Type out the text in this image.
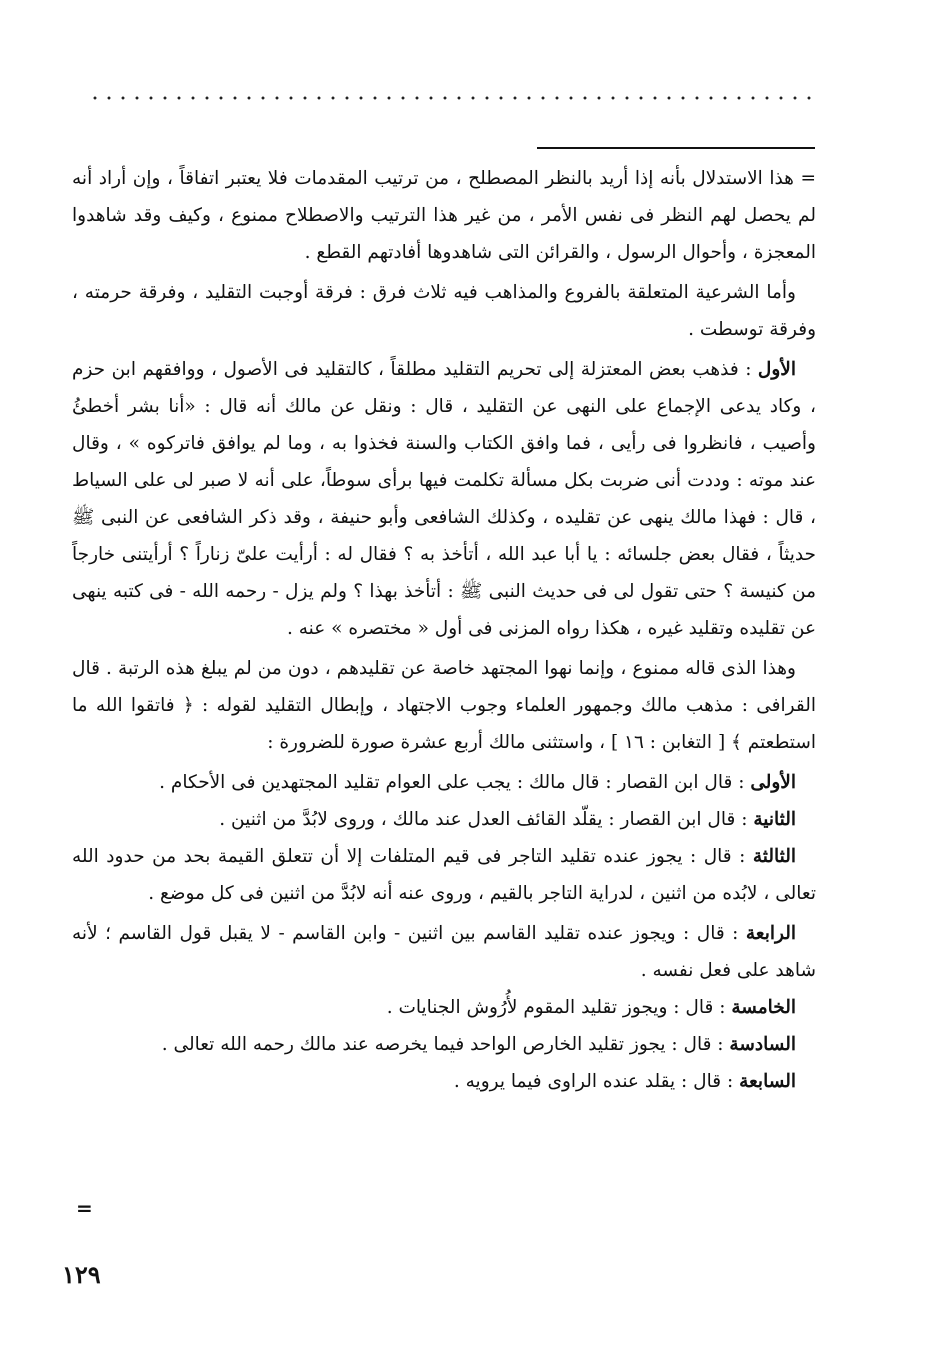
= هذا الاستدلال بأنه إذا أريد بالنظر المصطلح ، من ترتيب المقدمات فلا يعتبر اتفاقاً ، وإن أراد أنه لم يحصل لهم النظر فى نفس الأمر ، من غير هذا الترتيب والاصطلاح ممنوع ، وكيف وقد شاهدوا المعجزة ، وأحوال الرسول ، والقرائن التى شاهدوها أفادتهم القطع .

وأما الشرعية المتعلقة بالفروع والمذاهب فيه ثلاث فرق : فرقة أوجبت التقليد ، وفرقة حرمته ، وفرقة توسطت .

الأول : فذهب بعض المعتزلة إلى تحريم التقليد مطلقاً ، كالتقليد فى الأصول ، ووافقهم ابن حزم ، وكاد يدعى الإجماع على النهى عن التقليد ، قال : ونقل عن مالك أنه قال : «أنا بشر أخطئُ وأصيب ، فانظروا فى رأيى ، فما وافق الكتاب والسنة فخذوا به ، وما لم يوافق فاتركوه » ، وقال عند موته : وددت أنى ضربت بكل مسألة تكلمت فيها برأى سوطاً، على أنه لا صبر لى على السياط ، قال : فهذا مالك ينهى عن تقليده ، وكذلك الشافعى وأبو حنيفة ، وقد ذكر الشافعى عن النبى ﷺ حديثاً ، فقال بعض جلسائه : يا أبا عبد الله ، أتأخذ به ؟ فقال له : أرأيت علىّ زناراً ؟ أرأيتنى خارجاً من كنيسة ؟ حتى تقول لى فى حديث النبى ﷺ : أتأخذ بهذا ؟ ولم يزل - رحمه الله - فى كتبه ينهى عن تقليده وتقليد غيره ، هكذا رواه المزنى فى أول « مختصره » عنه .

وهذا الذى قاله ممنوع ، وإنما نهوا المجتهد خاصة عن تقليدهم ، دون من لم يبلغ هذه الرتبة . قال القرافى : مذهب مالك وجمهور العلماء وجوب الاجتهاد ، وإبطال التقليد لقوله : ﴿ فاتقوا الله ما استطعتم ﴾ [ التغابن : ١٦ ] ، واستثنى مالك أربع عشرة صورة للضرورة :

الأولى : قال ابن القصار : قال مالك : يجب على العوام تقليد المجتهدين فى الأحكام .

الثانية : قال ابن القصار : يقلّد القائف العدل عند مالك ، وروى لابُدَّ من اثنين .

الثالثة : قال : يجوز عنده تقليد التاجر فى قيم المتلفات إلا أن تتعلق القيمة بحد من حدود الله تعالى ، لابُده من اثنين ، لدراية التاجر بالقيم ، وروى عنه أنه لابُدَّ من اثنين فى كل موضع .

الرابعة : قال : ويجوز عنده تقليد القاسم بين اثنين - وابن القاسم - لا يقبل قول القاسم ؛ لأنه شاهد على فعل نفسه .

الخامسة : قال : ويجوز تقليد المقوم لأُرُوش الجنايات .

السادسة : قال : يجوز تقليد الخارص الواحد فيما يخرصه عند مالك رحمه الله تعالى .

السابعة : قال : يقلد عنده الراوى فيما يرويه .

=
١٢٩
